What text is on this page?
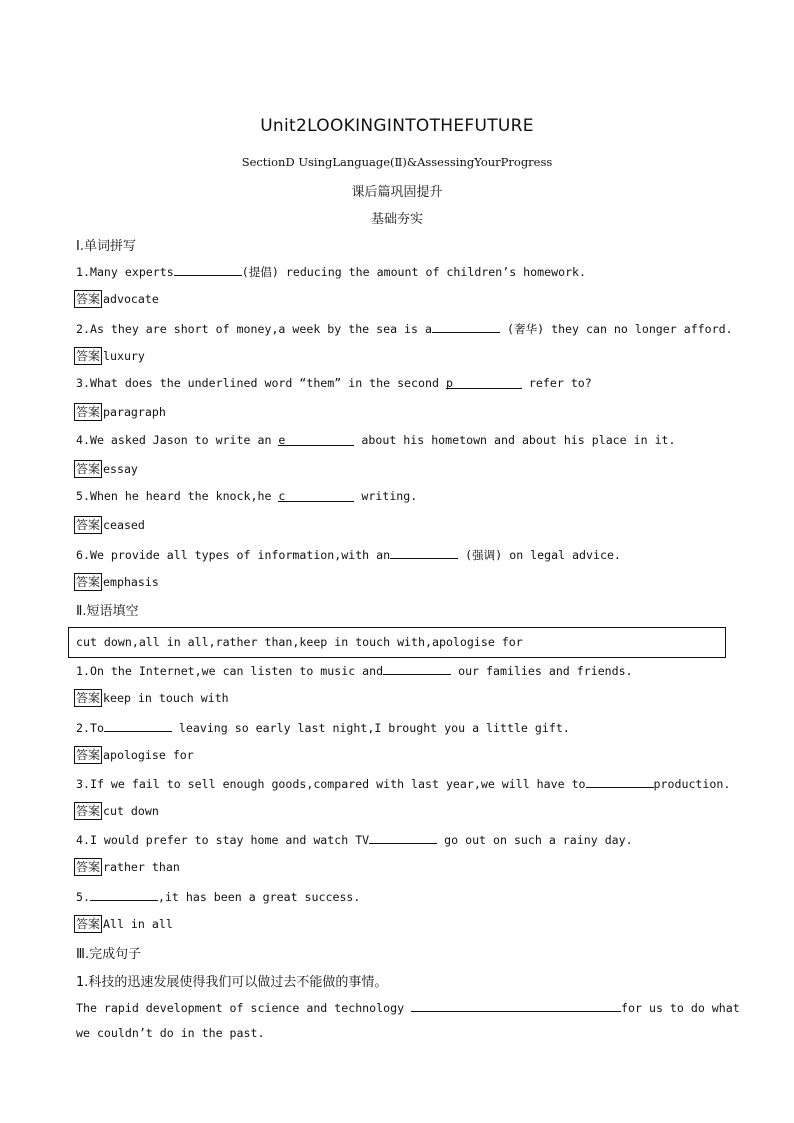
Unit2LOOKINGINTOTHEFUTURE
SectionD UsingLanguage(Ⅱ)&AssessingYourProgress
课后篇巩固提升
基础夯实
Ⅰ.单词拼写
1.Many experts	(提倡) reducing the amount of children’s homework.
答案 advocate
2.As they are short of money,a week by the sea is a	(奢华) they can no longer afford.
答案 luxury
3.What does the underlined word “them” in the second p	refer to?
答案 paragraph
4.We asked Jason to write an e	about his hometown and about his place in it.
答案 essay
5.When he heard the knock,he c	writing.
答案 ceased
6.We provide all types of information,with an	(强调) on legal advice.
答案 emphasis
Ⅱ.短语填空
cut down,all in all,rather than,keep in touch with,apologise for
1.On the Internet,we can listen to music and	our families and friends.
答案 keep in touch with
2.To	leaving so early last night,I brought you a little gift.
答案 apologise for
3.If we fail to sell enough goods,compared with last year,we will have to	production.
答案 cut down
4.I would prefer to stay home and watch TV	go out on such a rainy day.
答案 rather than
5.	,it has been a great success.
答案 All in all
Ⅲ.完成句子
1.科技的迅速发展使得我们可以做过去不能做的事情。
The rapid development of science and technology	for us to do what
we couldn’t do in the past.
